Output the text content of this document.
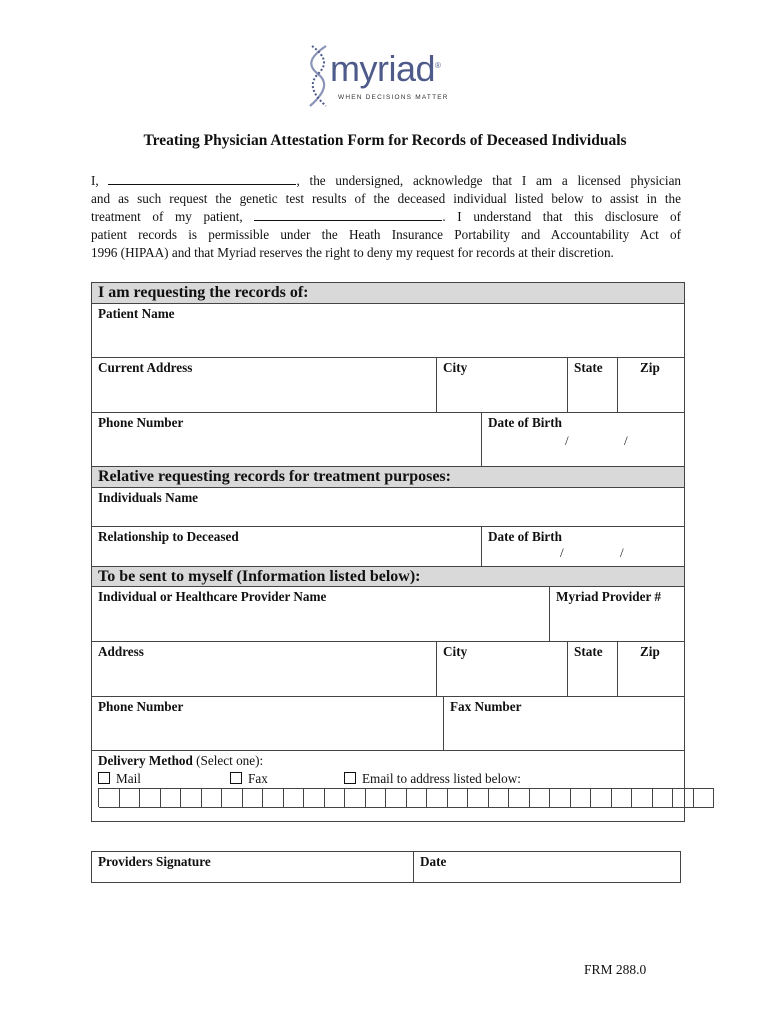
myriad®
WHEN DECISIONS MATTER
Treating Physician Attestation Form for Records of Deceased Individuals
I,	, the undersigned, acknowledge that I am a licensed physician
and as such request the genetic test results of the deceased individual listed below to assist in the
treatment of my patient,	. I understand that this disclosure of
patient records is permissible under the Heath Insurance Portability and Accountability Act of
1996 (HIPAA) and that Myriad reserves the right to deny my request for records at their discretion.
I am requesting the records of:
Patient Name
Current Address	City	State	Zip
Phone Number	Date of Birth
/	/
Relative requesting records for treatment purposes:
Individuals Name
Relationship to Deceased	Date of Birth
/	/
To be sent to myself (Information listed below):
Individual or Healthcare Provider Name	Myriad Provider #
Address	City	State	Zip
Phone Number	Fax Number
Delivery Method (Select one):
Mail	Fax	Email to address listed below:
Providers Signature	Date
FRM 288.0
